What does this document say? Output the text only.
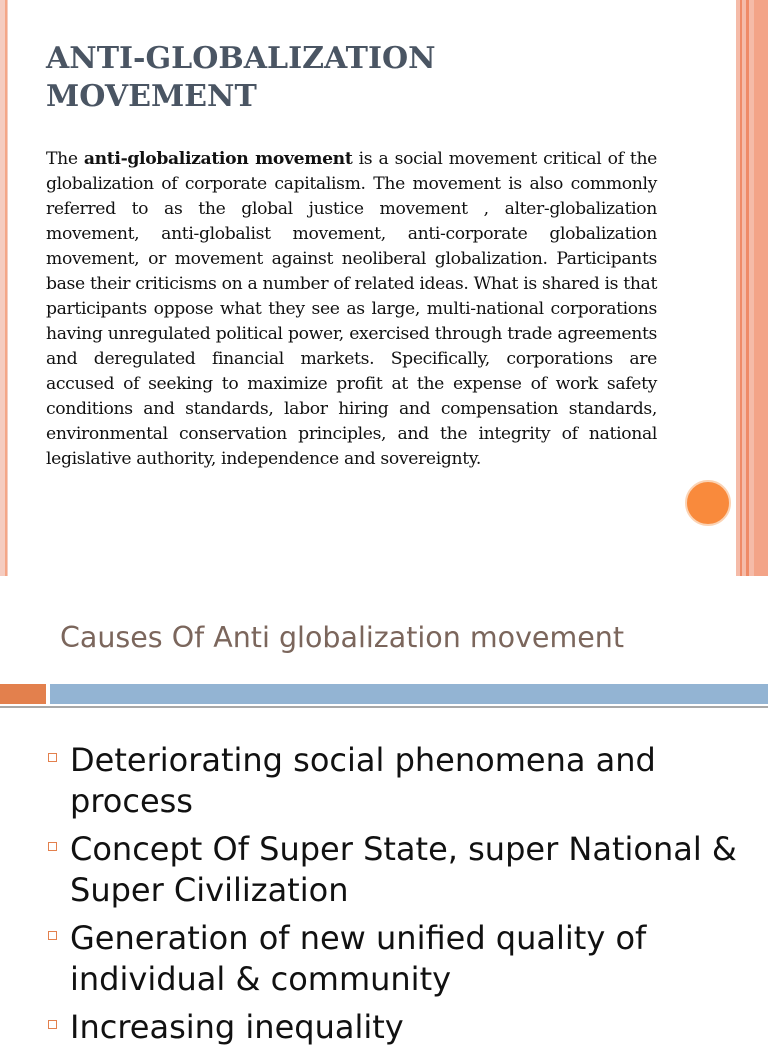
ANTI-GLOBALIZATION
MOVEMENT
The anti-globalization movement is a social movement critical of the globalization of corporate capitalism. The movement is also commonly referred to as the global justice movement , alter-globalization movement, anti-globalist movement, anti-corporate globalization movement, or movement against neoliberal globalization. Participants base their criticisms on a number of related ideas. What is shared is that participants oppose what they see as large, multi-national corporations having unregulated political power, exercised through trade agreements and deregulated financial markets. Specifically, corporations are accused of seeking to maximize profit at the expense of work safety conditions and standards, labor hiring and compensation standards, environmental conservation principles, and the integrity of national legislative authority, independence and sovereignty.
Causes Of Anti globalization movement
Deteriorating social phenomena and process
Concept Of Super State, super National & Super Civilization
Generation of new unified quality of individual & community
Increasing inequality
